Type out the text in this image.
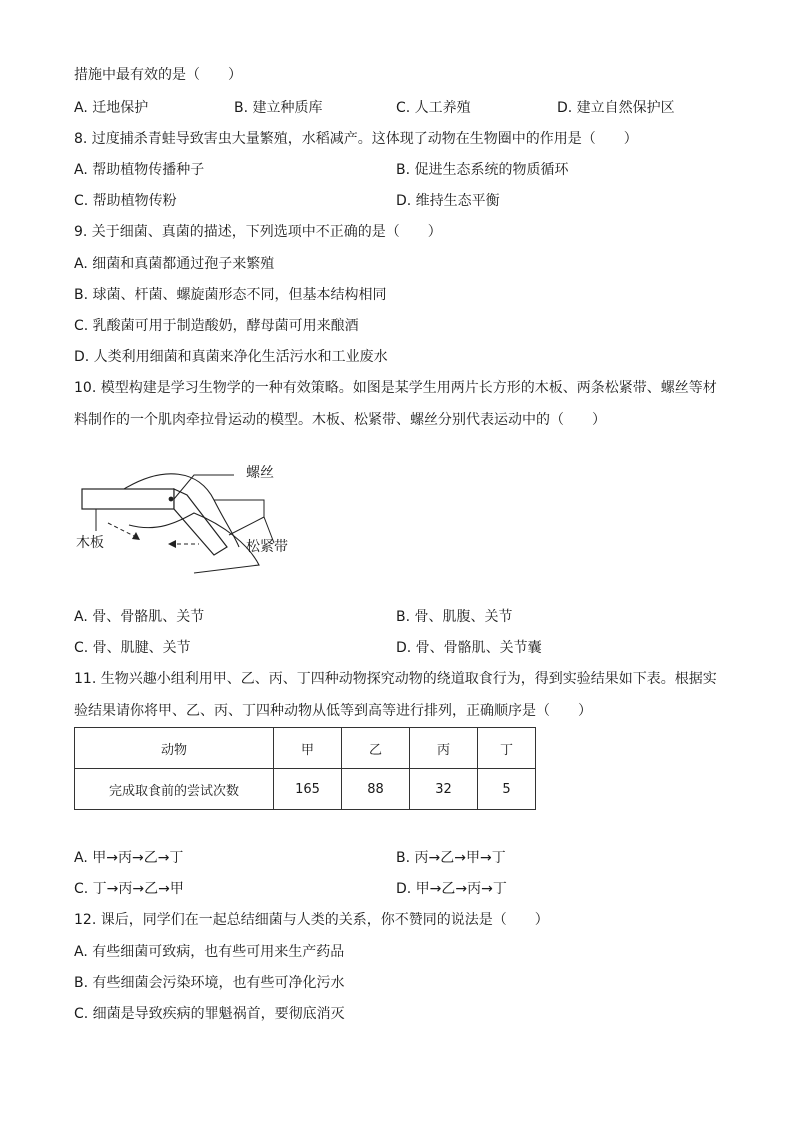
措施中最有效的是（　　）
A. 迁地保护	B. 建立种质库	C. 人工养殖	D. 建立自然保护区
8. 过度捕杀青蛙导致害虫大量繁殖，水稻减产。这体现了动物在生物圈中的作用是（　　）
A. 帮助植物传播种子	B. 促进生态系统的物质循环
C. 帮助植物传粉	D. 维持生态平衡
9. 关于细菌、真菌的描述，下列选项中不正确的是（　　）
A. 细菌和真菌都通过孢子来繁殖
B. 球菌、杆菌、螺旋菌形态不同，但基本结构相同
C. 乳酸菌可用于制造酸奶，酵母菌可用来酿酒
D. 人类利用细菌和真菌来净化生活污水和工业废水
10. 模型构建是学习生物学的一种有效策略。如图是某学生用两片长方形的木板、两条松紧带、螺丝等材
料制作的一个肌肉牵拉骨运动的模型。木板、松紧带、螺丝分别代表运动中的（　　）
螺丝
木板	松紧带
A. 骨、骨骼肌、关节	B. 骨、肌腹、关节
C. 骨、肌腱、关节	D. 骨、骨骼肌、关节囊
11. 生物兴趣小组利用甲、乙、丙、丁四种动物探究动物的绕道取食行为，得到实验结果如下表。根据实
验结果请你将甲、乙、丙、丁四种动物从低等到高等进行排列，正确顺序是（　　）
动物	甲	乙	丙	丁
完成取食前的尝试次数	165	88	32	5
A. 甲→丙→乙→丁	B. 丙→乙→甲→丁
C. 丁→丙→乙→甲	D. 甲→乙→丙→丁
12. 课后，同学们在一起总结细菌与人类的关系，你不赞同的说法是（　　）
A. 有些细菌可致病，也有些可用来生产药品
B. 有些细菌会污染环境，也有些可净化污水
C. 细菌是导致疾病的罪魁祸首，要彻底消灭
